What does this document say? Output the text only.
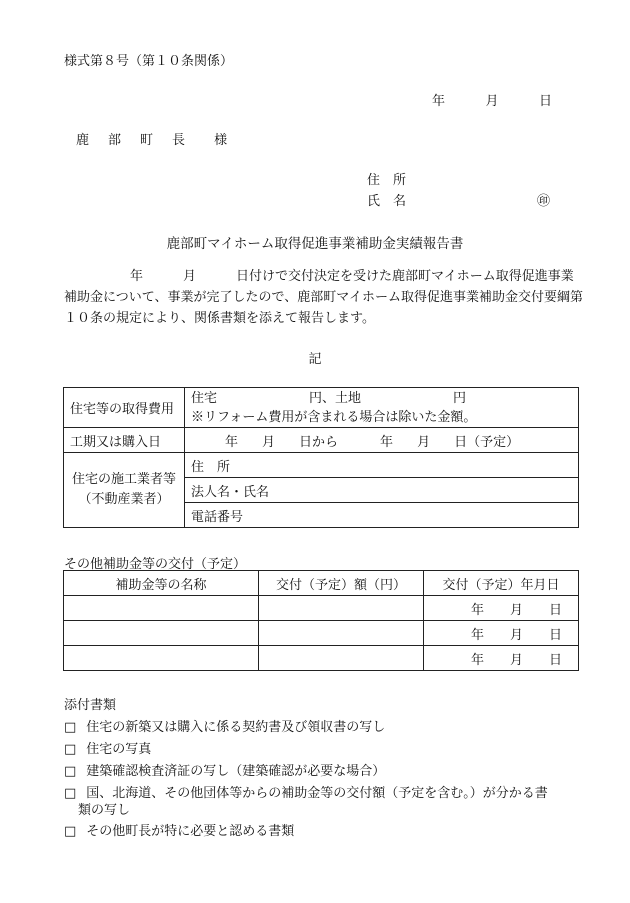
様式第８号（第１０条関係）
年	月	日
鹿 部 町 長 様
住 所
氏 名	㊞
鹿部町マイホーム取得促進事業補助金実績報告書
年	月	日付けで交付決定を受けた鹿部町マイホーム取得促進事業補助金について、事業が完了したので、鹿部町マイホーム取得促進事業補助金交付要綱第１０条の規定により、関係書類を添えて報告します。
記
住宅等の取得費用	住宅 円、土地 円
※リフォーム費用が含まれる場合は除いた金額。

工期又は購入日	年 月 日から 年 月 日（予定）

住宅の施工業者等
（不動産業者）	住　所
	法人名・氏名
	電話番号
その他補助金等の交付（予定）
補助金等の名称	交付（予定）額（円）	交付（予定）年月日
		年 月 日
		年 月 日
		年 月 日
添付書類
□ 住宅の新築又は購入に係る契約書及び領収書の写し
□ 住宅の写真
□ 建築確認検査済証の写し（建築確認が必要な場合）
□ 国、北海道、その他団体等からの補助金等の交付額（予定を含む。）が分かる書
類の写し
□ その他町長が特に必要と認める書類
